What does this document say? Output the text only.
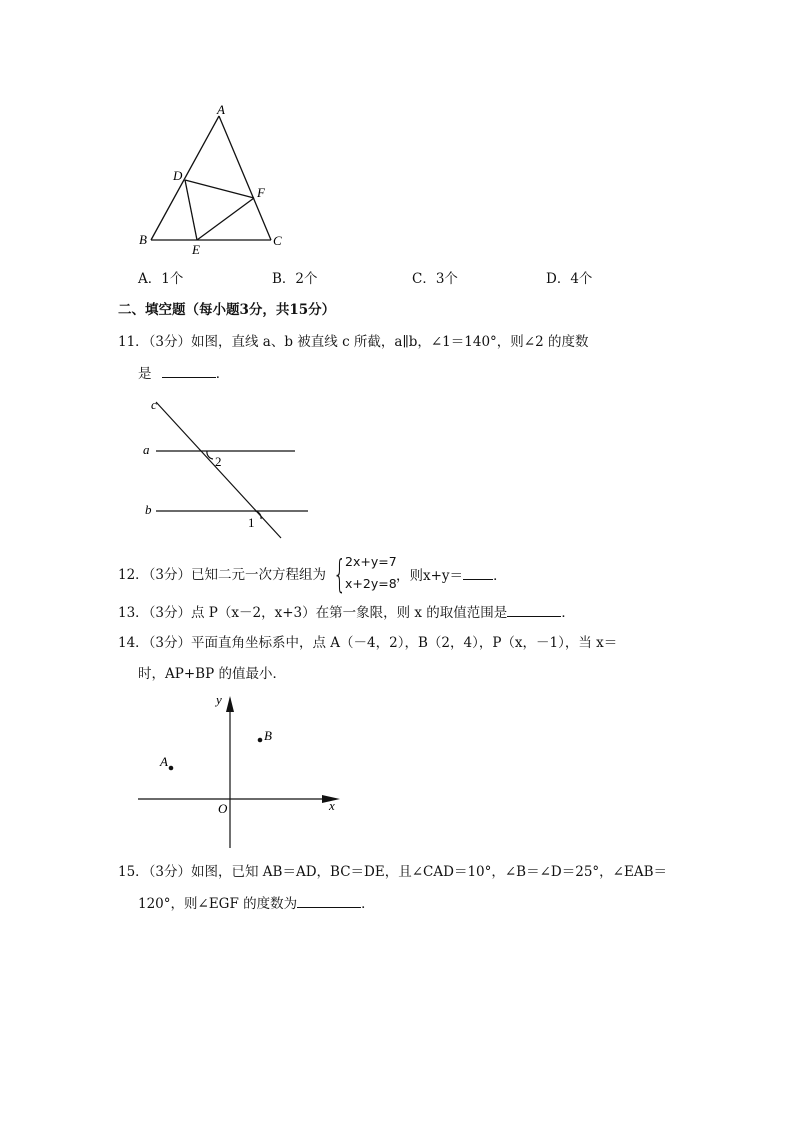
A
D
F
B
E
C
A．1个	B．2个	C．3个	D．4个
二、填空题（每小题3分，共15分）
11．（3分）如图，直线 a、b 被直线 c 所截，a∥b，∠1＝140°，则∠2 的度数
是	．
c
a
b
2
1
12．（3分）已知二元一次方程组为 {
2x+y=7
x+2y=8 ，则x+y＝ ．
13．（3分）点 P（x－2，x+3）在第一象限，则 x 的取值范围是	．
14．（3分）平面直角坐标系中，点 A（－4，2），B（2，4），P（x，－1），当 x＝
时，AP+BP 的值最小．
y
x
O
A
B
15．（3分）如图，已知 AB＝AD，BC＝DE，且∠CAD＝10°，∠B＝∠D＝25°，∠EAB＝
120°，则∠EGF 的度数为	．
